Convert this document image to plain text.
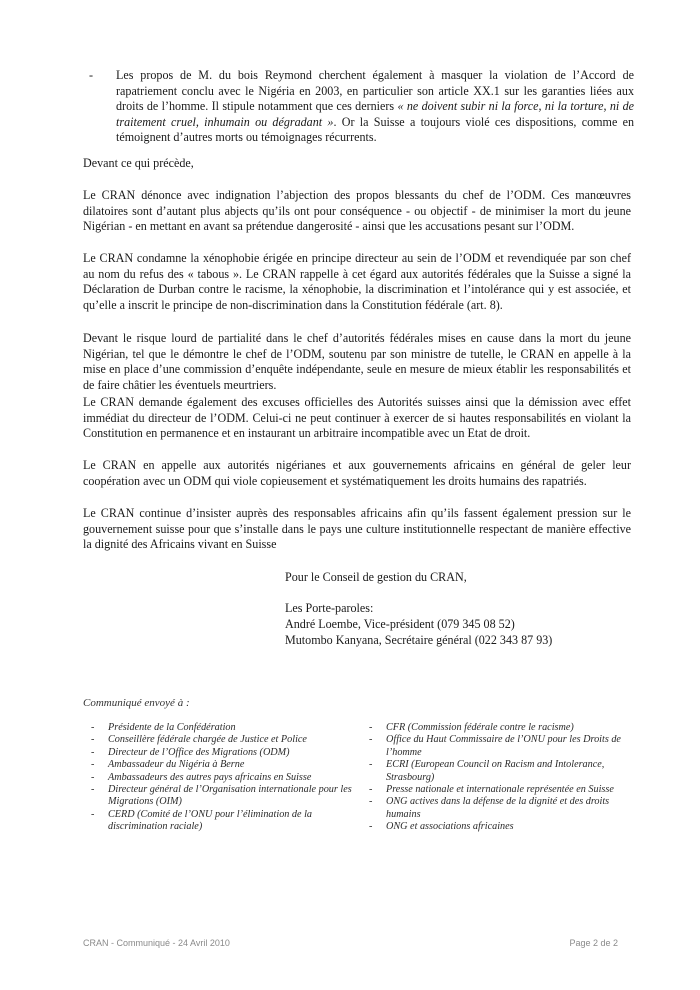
- Les propos de M. du bois Reymond cherchent également à masquer la violation de l’Accord de rapatriement conclu avec le Nigéria en 2003, en particulier son article XX.1 sur les garanties liées aux droits de l’homme. Il stipule notamment que ces derniers « ne doivent subir ni la force, ni la torture, ni de traitement cruel, inhumain ou dégradant ». Or la Suisse a toujours violé ces dispositions, comme en témoignent d’autres morts ou témoignages récurrents.
Devant ce qui précède,
Le CRAN dénonce avec indignation l’abjection des propos blessants du chef de l’ODM. Ces manœuvres dilatoires sont d’autant plus abjects qu’ils ont pour conséquence - ou objectif - de minimiser la mort du jeune Nigérian - en mettant en avant sa prétendue dangerosité - ainsi que les accusations pesant sur l’ODM.
Le CRAN condamne la xénophobie érigée en principe directeur au sein de l’ODM et revendiquée par son chef au nom du refus des « tabous ». Le CRAN rappelle à cet égard aux autorités fédérales que la Suisse a signé la Déclaration de Durban contre le racisme, la xénophobie, la discrimination et l’intolérance qui y est associée, et qu’elle a inscrit le principe de non-discrimination dans la Constitution fédérale (art. 8).
Devant le risque lourd de partialité dans le chef d’autorités fédérales mises en cause dans la mort du jeune Nigérian, tel que le démontre le chef de l’ODM, soutenu par son ministre de tutelle, le CRAN en appelle à la mise en place d’une commission d’enquête indépendante, seule en mesure de mieux établir les responsabilités et de faire châtier les éventuels meurtriers.
Le CRAN demande également des excuses officielles des Autorités suisses ainsi que la démission avec effet immédiat du directeur de l’ODM. Celui-ci ne peut continuer à exercer de si hautes responsabilités en violant la Constitution en permanence et en instaurant un arbitraire incompatible avec un Etat de droit.
Le CRAN en appelle aux autorités nigérianes et aux gouvernements africains en général de geler leur coopération avec un ODM qui viole copieusement et systématiquement les droits humains des rapatriés.
Le CRAN continue d’insister auprès des responsables africains afin qu’ils fassent également pression sur le gouvernement suisse pour que s’installe dans le pays une culture institutionnelle respectant de manière effective la dignité des Africains vivant en Suisse
Pour le Conseil de gestion du CRAN,
Les Porte-paroles:
André Loembe, Vice-président (079 345 08 52)
Mutombo Kanyana, Secrétaire général (022 343 87 93)
Communiqué envoyé à :
- Présidente de la Confédération
- Conseillère fédérale chargée de Justice et Police
- Directeur de l’Office des Migrations (ODM)
- Ambassadeur du Nigéria à Berne
- Ambassadeurs des autres pays africains en Suisse
- Directeur général de l’Organisation internationale pour les Migrations (OIM)
- CERD (Comité de l’ONU pour l’élimination de la discrimination raciale)
- CFR (Commission fédérale contre le racisme)
- Office du Haut Commissaire de l’ONU pour les Droits de l’homme
- ECRI (European Council on Racism and Intolerance, Strasbourg)
- Presse nationale et internationale représentée en Suisse
- ONG actives dans la défense de la dignité et des droits humains
- ONG et associations africaines
CRAN - Communiqué - 24 Avril 2010	Page 2 de 2
